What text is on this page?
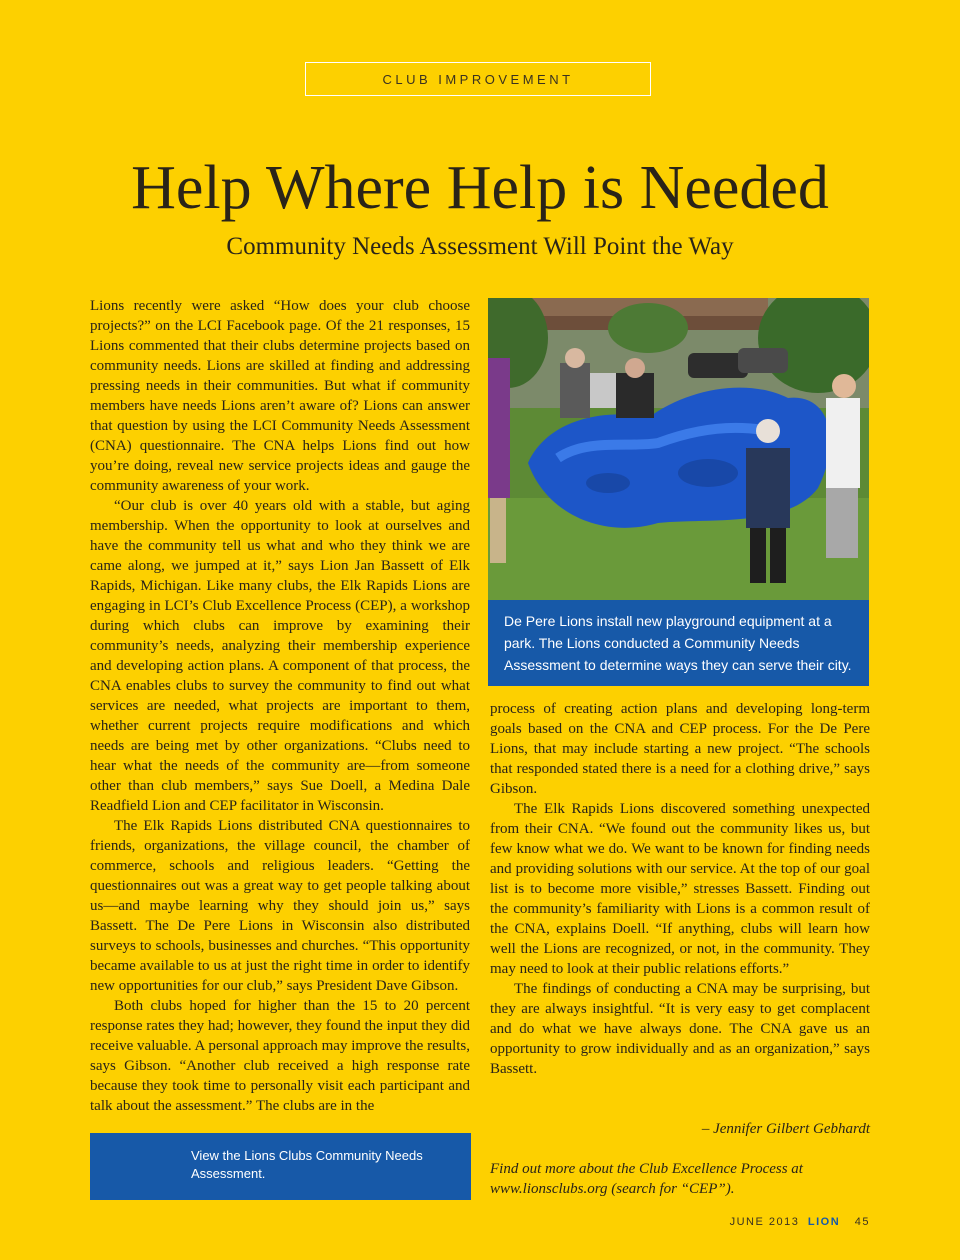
CLUB IMPROVEMENT
Help Where Help is Needed
Community Needs Assessment Will Point the Way

Lions recently were asked “How does your club choose projects?” on the LCI Facebook page. Of the 21 responses, 15 Lions commented that their clubs determine projects based on community needs. Lions are skilled at finding and addressing pressing needs in their communities. But what if community members have needs Lions aren’t aware of? Lions can answer that question by using the LCI Community Needs Assessment (CNA) questionnaire. The CNA helps Lions find out how you’re doing, reveal new service projects ideas and gauge the community awareness of your work.

“Our club is over 40 years old with a stable, but aging membership. When the opportunity to look at ourselves and have the community tell us what and who they think we are came along, we jumped at it,” says Lion Jan Bassett of Elk Rapids, Michigan. Like many clubs, the Elk Rapids Lions are engaging in LCI’s Club Excellence Process (CEP), a workshop during which clubs can improve by examining their community’s needs, analyzing their membership experience and developing action plans. A component of that process, the CNA enables clubs to survey the community to find out what services are needed, what projects are important to them, whether current projects require modifications and which needs are being met by other organizations. “Clubs need to hear what the needs of the community are—from someone other than club members,” says Sue Doell, a Medina Dale Readfield Lion and CEP facilitator in Wisconsin.

The Elk Rapids Lions distributed CNA questionnaires to friends, organizations, the village council, the chamber of commerce, schools and religious leaders. “Getting the questionnaires out was a great way to get people talking about us—and maybe learning why they should join us,” says Bassett. The De Pere Lions in Wisconsin also distributed surveys to schools, businesses and churches. “This opportunity became available to us at just the right time in order to identify new opportunities for our club,” says President Dave Gibson.

Both clubs hoped for higher than the 15 to 20 percent response rates they had; however, they found the input they did receive valuable. A personal approach may improve the results, says Gibson. “Another club received a high response rate because they took time to personally visit each participant and talk about the assessment.” The clubs are in the

De Pere Lions install new playground equipment at a park. The Lions conducted a Community Needs Assessment to determine ways they can serve their city.

process of creating action plans and developing long-term goals based on the CNA and CEP process. For the De Pere Lions, that may include starting a new project. “The schools that responded stated there is a need for a clothing drive,” says Gibson.

The Elk Rapids Lions discovered something unexpected from their CNA. “We found out the community likes us, but few know what we do. We want to be known for finding needs and providing solutions with our service. At the top of our goal list is to become more visible,” stresses Bassett. Finding out the community’s familiarity with Lions is a common result of the CNA, explains Doell. “If anything, clubs will learn how well the Lions are recognized, or not, in the community. They may need to look at their public relations efforts.”

The findings of conducting a CNA may be surprising, but they are always insightful. “It is very easy to get complacent and do what we have always done. The CNA gave us an opportunity to grow individually and as an organization,” says Bassett.

– Jennifer Gilbert Gebhardt
View the Lions Clubs Community Needs Assessment.	Find out more about the Club Excellence Process at www.lionsclubs.org (search for “CEP”).
JUNE 2013 LION 45
